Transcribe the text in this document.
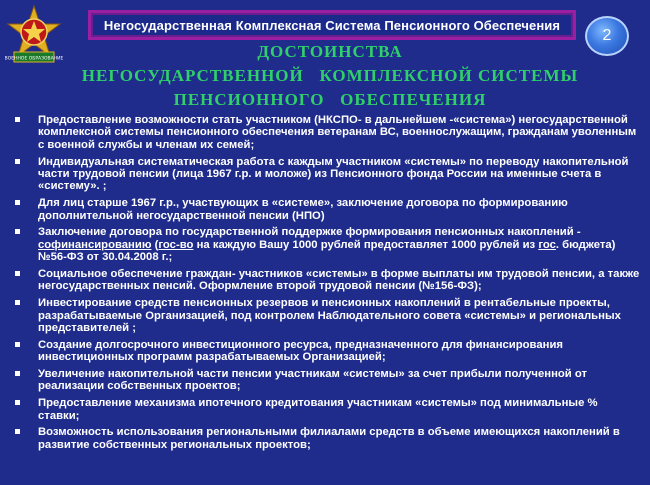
ВОЕННОЕ ОБРАЗОВАНИЕ
Негосударственная Комплексная Система Пенсионного Обеспечения
2
ДОСТОИНСТВА
НЕГОСУДАРСТВЕННОЙ   КОМПЛЕКСНОЙ СИСТЕМЫ
ПЕНСИОННОГО   ОБЕСПЕЧЕНИЯ
Предоставление возможности стать участником (НКСПО- в дальнейшем -«система») негосударственной комплексной системы пенсионного обеспечения ветеранам ВС, военнослужащим, гражданам уволенным с военной службы и членам их семей;
Индивидуальная систематическая работа с каждым участником «системы» по переводу накопительной части трудовой пенсии (лица 1967 г.р. и моложе) из Пенсионного фонда России на именные счета в «систему». ;
Для лиц старше 1967 г.р., участвующих в «системе», заключение договора по формированию дополнительной негосударственной пенсии (НПО)
Заключение договора по государственной поддержке формирования пенсионных накоплений - софинансированию (гос-во на каждую Вашу 1000 рублей предоставляет 1000 рублей из гос. бюджета) №56-ФЗ от 30.04.2008 г.;
Социальное обеспечение граждан- участников «системы» в форме выплаты им трудовой пенсии, а также негосударственных пенсий. Оформление второй трудовой пенсии (№156-ФЗ);
Инвестирование средств пенсионных резервов и пенсионных накоплений в рентабельные проекты, разрабатываемые Организацией, под контролем Наблюдательного совета «системы» и региональных представителей ;
Создание долгосрочного инвестиционного ресурса, предназначенного для финансирования инвестиционных программ разрабатываемых Организацией;
Увеличение накопительной части пенсии участникам «системы» за счет прибыли полученной от реализации собственных проектов;
Предоставление механизма ипотечного кредитования участникам «системы» под минимальные % ставки;
Возможность использования региональными филиалами средств в объеме имеющихся накоплений в развитие собственных региональных проектов;
